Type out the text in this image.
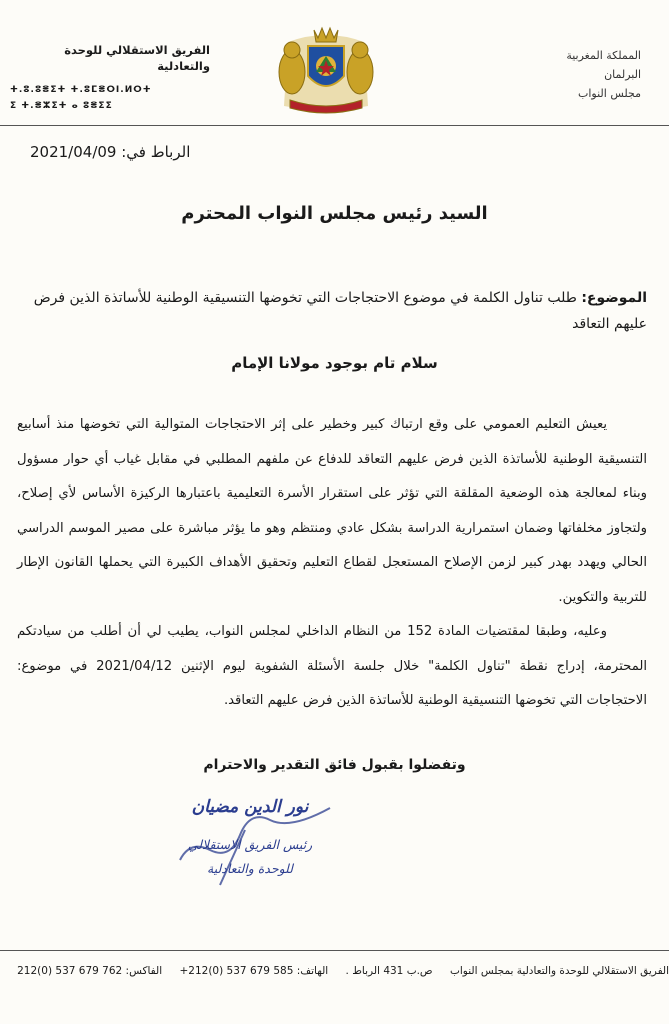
المملكة المغربية
البرلمان
مجلس النواب
الفريق الاستقلالي للوحدة والتعادلية
ⵜ.ⵓ.ⵓⴻⵉⵜ ⵜ.ⵓⵎⴻⵔⵏ.ⵍⵔⵜ
ⵉ ⵜ.ⴻⵣⵉⵜ ⴰ ⵓⴻⵉⵉ
الرباط في: 2021/04/09
السيد رئيس مجلس النواب المحترم
الموضوع: طلب تناول الكلمة في موضوع الاحتجاجات التي تخوضها التنسيقية الوطنية للأساتذة الذين فرض عليهم التعاقد
سلام تام بوجود مولانا الإمام

يعيش التعليم العمومي على وقع ارتباك كبير وخطير على إثر الاحتجاجات المتوالية التي تخوضها منذ أسابيع التنسيقية الوطنية للأساتذة الذين فرض عليهم التعاقد للدفاع عن ملفهم المطلبي في مقابل غياب أي حوار مسؤول وبناء لمعالجة هذه الوضعية المقلقة التي تؤثر على استقرار الأسرة التعليمية باعتبارها الركيزة الأساس لأي إصلاح، ولتجاوز مخلفاتها وضمان استمرارية الدراسة بشكل عادي ومنتظم وهو ما يؤثر مباشرة على مصير الموسم الدراسي الحالي ويهدد بهدر كبير لزمن الإصلاح المستعجل لقطاع التعليم وتحقيق الأهداف الكبيرة التي يحملها القانون الإطار للتربية والتكوين.

وعليه، وطبقا لمقتضيات المادة 152 من النظام الداخلي لمجلس النواب، يطيب لي أن أطلب من سيادتكم المحترمة، إدراج نقطة "تناول الكلمة" خلال جلسة الأسئلة الشفوية ليوم الإثنين 2021/04/12 في موضوع: الاحتجاجات التي تخوضها التنسيقية الوطنية للأساتذة الذين فرض عليهم التعاقد.

وتفضلوا بقبول فائق التقدير والاحترام
نور الدين مضيان
رئيس الفريق الاستقلالي
للوحدة والتعادلية
الفريق الاستقلالي للوحدة والتعادلية بمجلس النواب ص.ب 431 الرباط . الهاتف: 585 679 537 (0)212+ الفاكس: 762 679 537 (0)212
